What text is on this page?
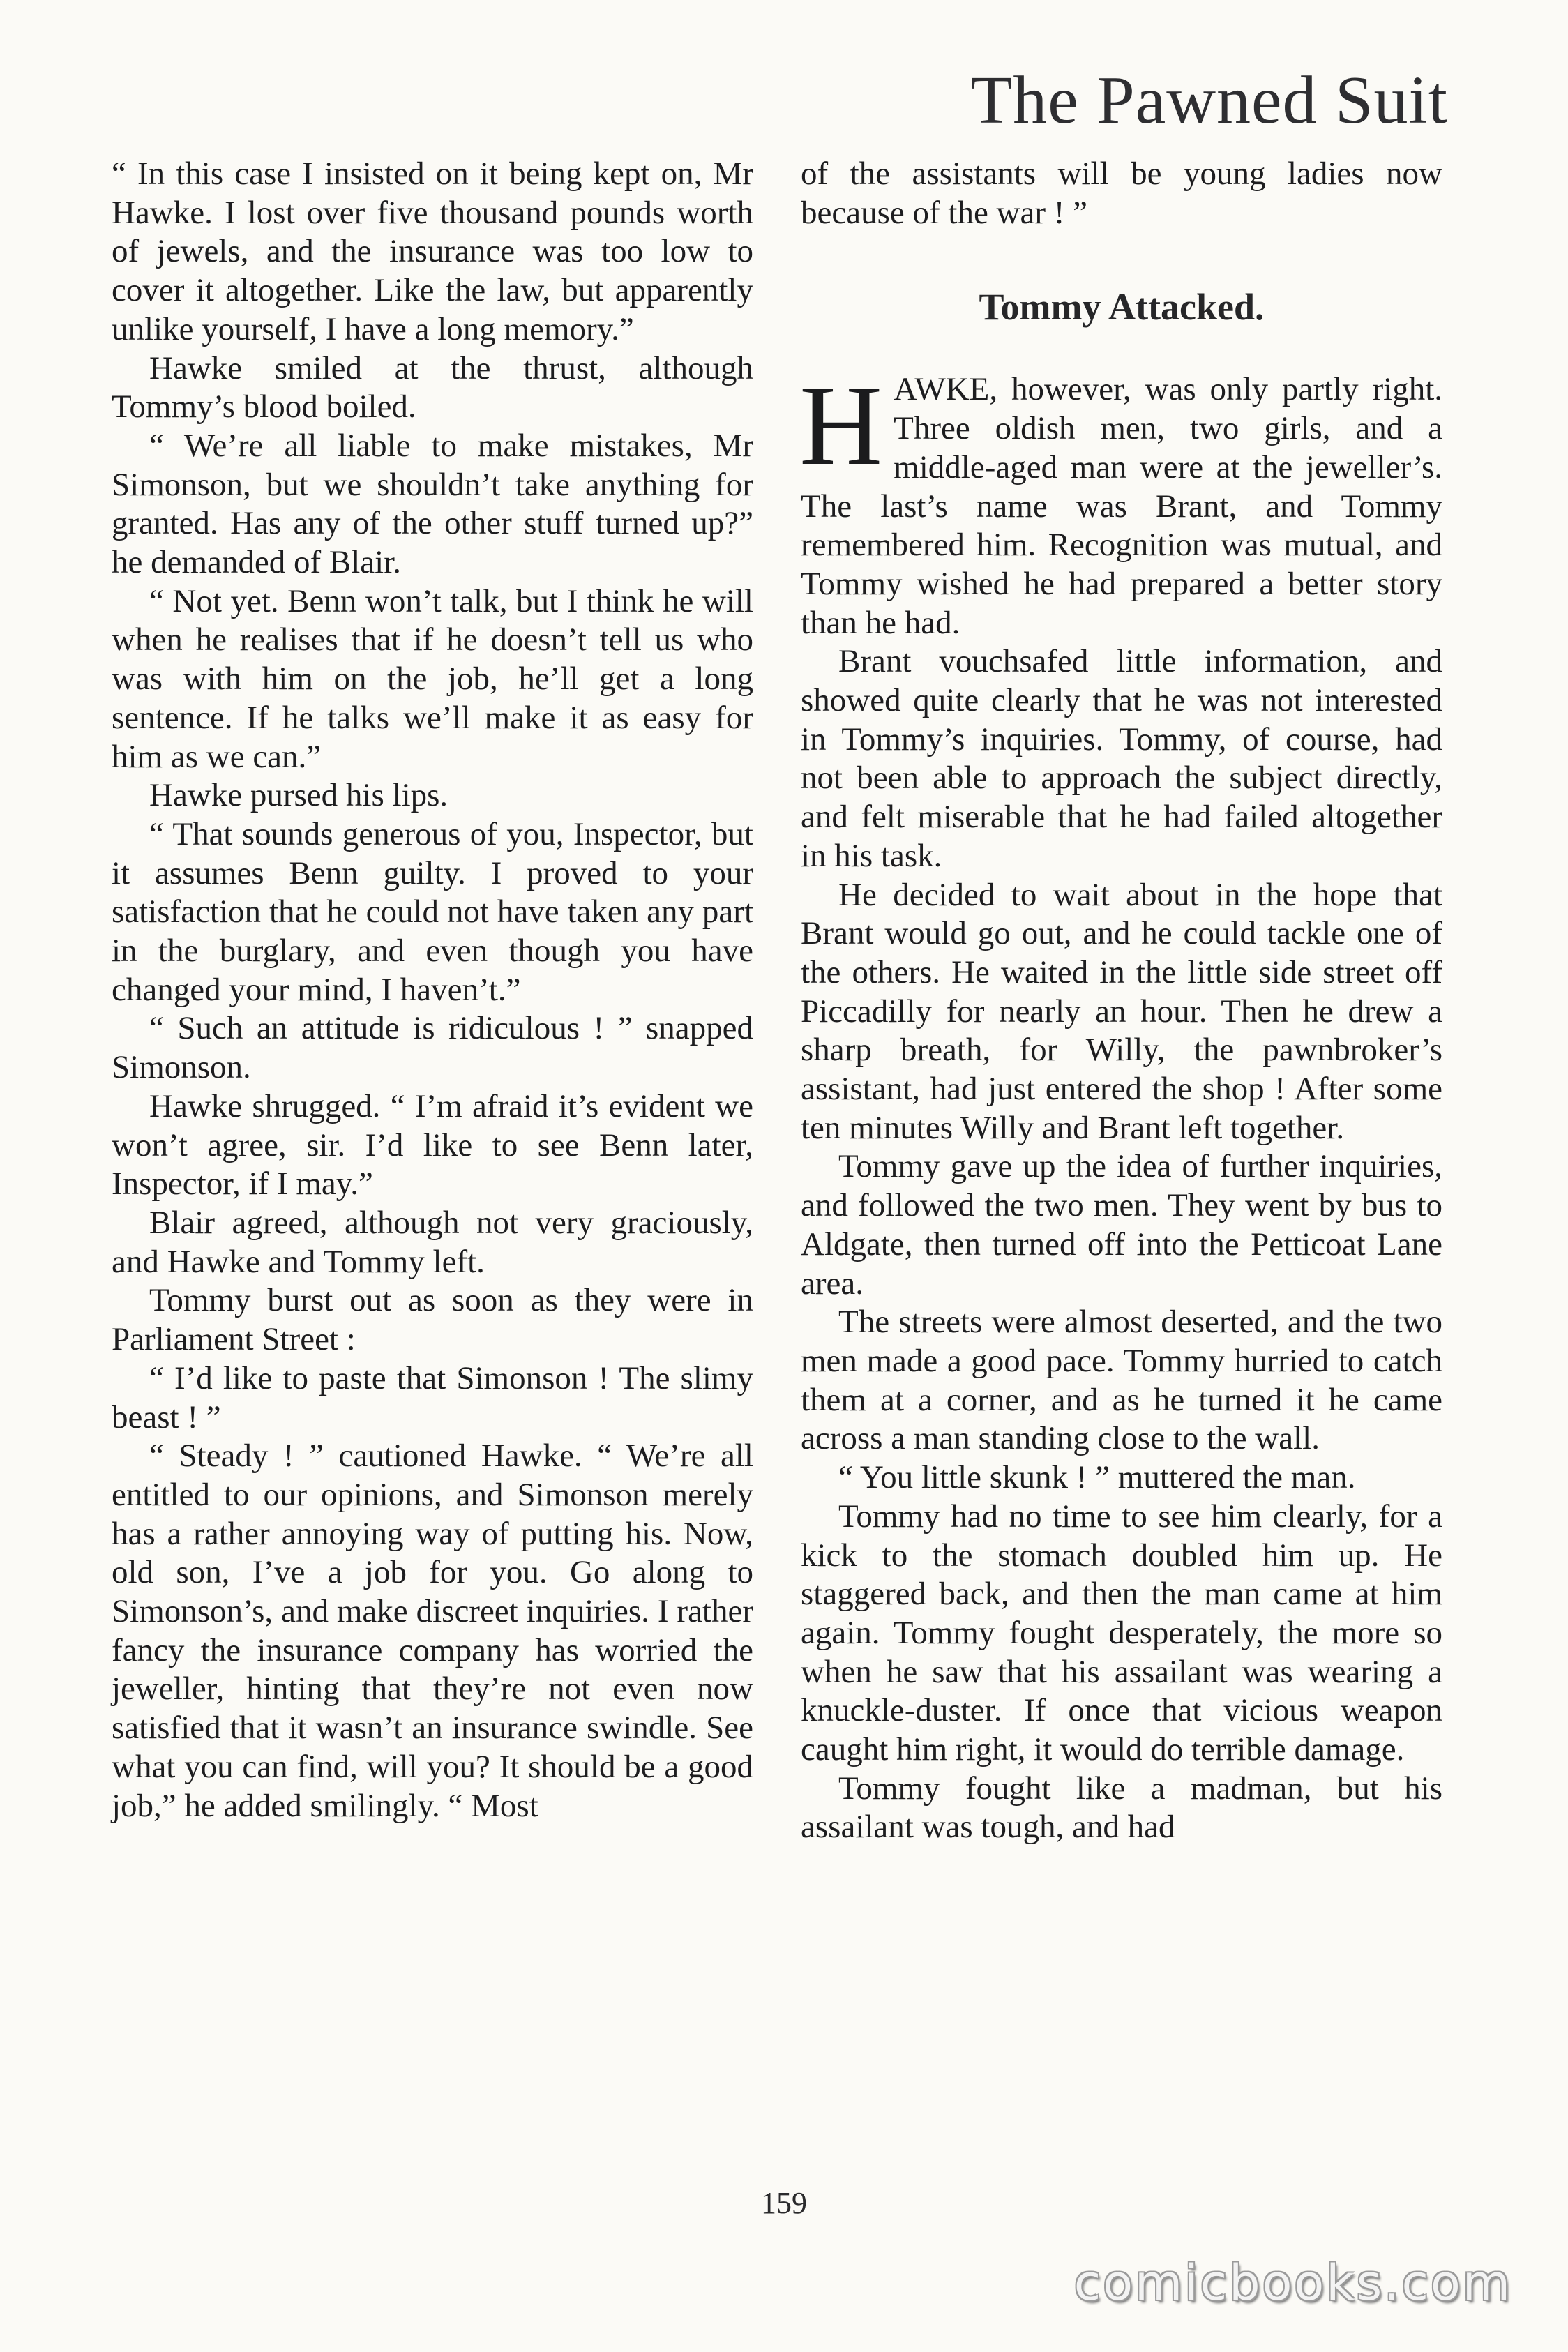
The Pawned Suit

“ In this case I insisted on it being kept on, Mr Hawke. I lost over five thousand pounds worth of jewels, and the insurance was too low to cover it altogether. Like the law, but apparently unlike yourself, I have a long memory.”

Hawke smiled at the thrust, although Tommy’s blood boiled.

“ We’re all liable to make mistakes, Mr Simonson, but we shouldn’t take anything for granted. Has any of the other stuff turned up?” he demanded of Blair.

“ Not yet. Benn won’t talk, but I think he will when he realises that if he doesn’t tell us who was with him on the job, he’ll get a long sentence. If he talks we’ll make it as easy for him as we can.”

Hawke pursed his lips.

“ That sounds generous of you, Inspector, but it assumes Benn guilty. I proved to your satisfaction that he could not have taken any part in the burglary, and even though you have changed your mind, I haven’t.”

“ Such an attitude is ridiculous ! ” snapped Simonson.

Hawke shrugged. “ I’m afraid it’s evident we won’t agree, sir. I’d like to see Benn later, Inspector, if I may.”

Blair agreed, although not very graciously, and Hawke and Tommy left.

Tommy burst out as soon as they were in Parliament Street :

“ I’d like to paste that Simonson ! The slimy beast ! ”

“ Steady ! ” cautioned Hawke. “ We’re all entitled to our opinions, and Simonson merely has a rather annoying way of putting his. Now, old son, I’ve a job for you. Go along to Simonson’s, and make discreet inquiries. I rather fancy the insurance company has worried the jeweller, hinting that they’re not even now satisfied that it wasn’t an insurance swindle. See what you can find, will you? It should be a good job,” he added smilingly. “ Most

of the assistants will be young ladies now because of the war ! ”

Tommy Attacked.

HAWKE, however, was only partly right. Three oldish men, two girls, and a middle-aged man were at the jeweller’s. The last’s name was Brant, and Tommy remembered him. Recognition was mutual, and Tommy wished he had prepared a better story than he had.

Brant vouchsafed little information, and showed quite clearly that he was not interested in Tommy’s inquiries. Tommy, of course, had not been able to approach the subject directly, and felt miserable that he had failed altogether in his task.

He decided to wait about in the hope that Brant would go out, and he could tackle one of the others. He waited in the little side street off Piccadilly for nearly an hour. Then he drew a sharp breath, for Willy, the pawnbroker’s assistant, had just entered the shop ! After some ten minutes Willy and Brant left together.

Tommy gave up the idea of further inquiries, and followed the two men. They went by bus to Aldgate, then turned off into the Petticoat Lane area.

The streets were almost deserted, and the two men made a good pace. Tommy hurried to catch them at a corner, and as he turned it he came across a man standing close to the wall.

“ You little skunk ! ” muttered the man.

Tommy had no time to see him clearly, for a kick to the stomach doubled him up. He staggered back, and then the man came at him again. Tommy fought desperately, the more so when he saw that his assailant was wearing a knuckle-duster. If once that vicious weapon caught him right, it would do terrible damage.

Tommy fought like a madman, but his assailant was tough, and had

159
comicbooks.com
